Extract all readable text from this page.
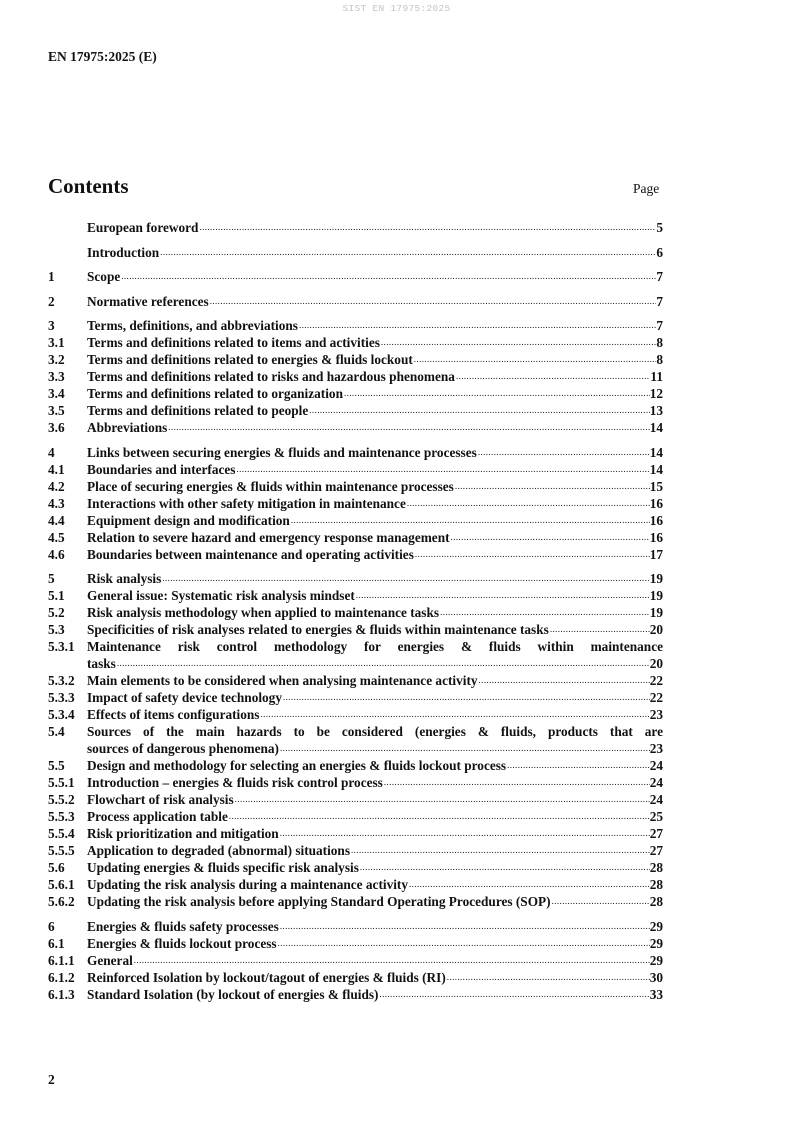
SIST EN 17975:2025
EN 17975:2025 (E)
Contents	Page
European foreword .....	5
Introduction .....	6
1	Scope .....	7
2	Normative references .....	7
3	Terms, definitions, and abbreviations .....	7
3.1	Terms and definitions related to items and activities .....	8
3.2	Terms and definitions related to energies & fluids lockout .....	8
3.3	Terms and definitions related to risks and hazardous phenomena .....	11
3.4	Terms and definitions related to organization .....	12
3.5	Terms and definitions related to people .....	13
3.6	Abbreviations .....	14
4	Links between securing energies & fluids and maintenance processes .....	14
4.1	Boundaries and interfaces .....	14
4.2	Place of securing energies & fluids within maintenance processes .....	15
4.3	Interactions with other safety mitigation in maintenance .....	16
4.4	Equipment design and modification .....	16
4.5	Relation to severe hazard and emergency response management .....	16
4.6	Boundaries between maintenance and operating activities .....	17
5	Risk analysis .....	19
5.1	General issue: Systematic risk analysis mindset .....	19
5.2	Risk analysis methodology when applied to maintenance tasks .....	19
5.3	Specificities of risk analyses related to energies & fluids within maintenance tasks .....	20
5.3.1 Maintenance risk control methodology for energies & fluids within maintenance
tasks .....	20
5.3.2 Main elements to be considered when analysing maintenance activity .....	22
5.3.3 Impact of safety device technology .....	22
5.3.4 Effects of items configurations .....	23
5.4	Sources of the main hazards to be considered (energies & fluids, products that are
sources of dangerous phenomena) .....	23
5.5	Design and methodology for selecting an energies & fluids lockout process .....	24
5.5.1 Introduction – energies & fluids risk control process .....	24
5.5.2 Flowchart of risk analysis .....	24
5.5.3 Process application table .....	25
5.5.4 Risk prioritization and mitigation .....	27
5.5.5 Application to degraded (abnormal) situations .....	27
5.6	Updating energies & fluids specific risk analysis .....	28
5.6.1 Updating the risk analysis during a maintenance activity .....	28
5.6.2 Updating the risk analysis before applying Standard Operating Procedures (SOP) .....	28
6	Energies & fluids safety processes .....	29
6.1	Energies & fluids lockout process .....	29
6.1.1 General .....	29
6.1.2 Reinforced Isolation by lockout/tagout of energies & fluids (RI) .....	30
6.1.3 Standard Isolation (by lockout of energies & fluids) .....	33
2
